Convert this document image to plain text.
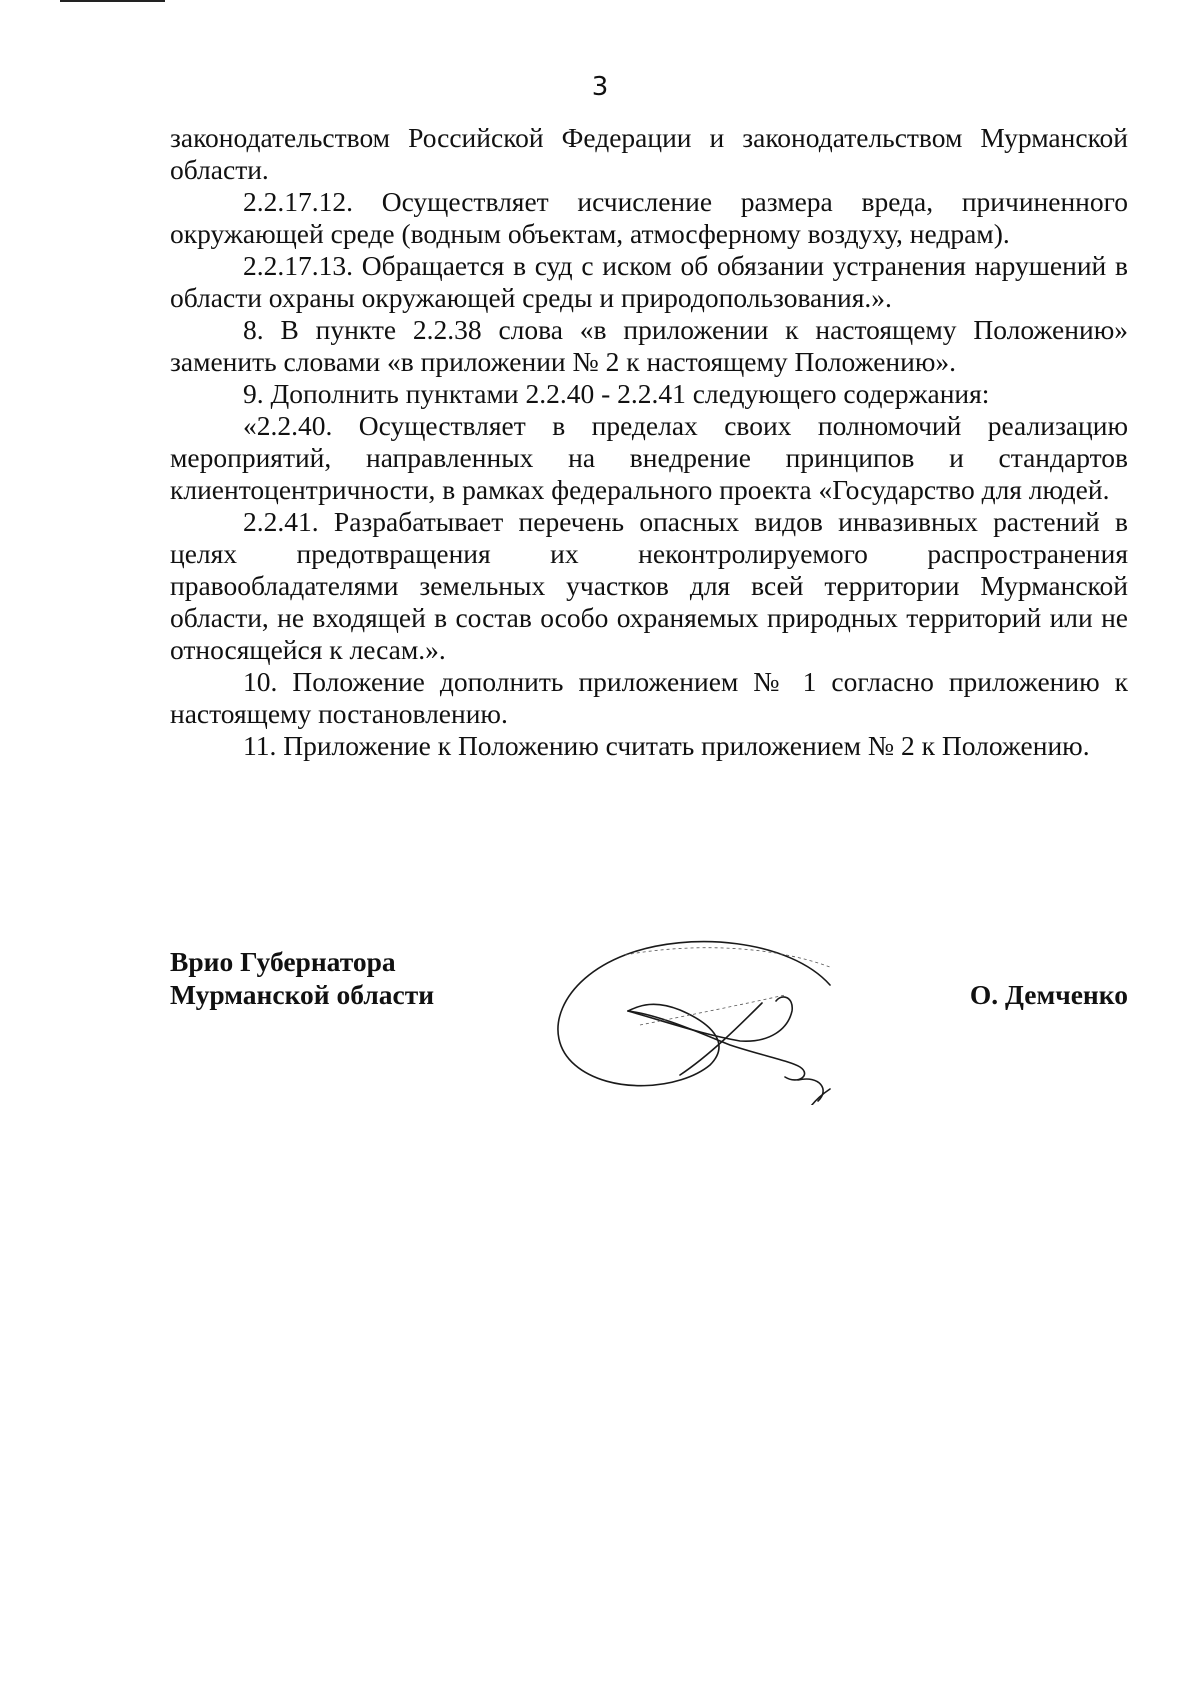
3

законодательством Российской Федерации и законодательством Мурманской области.

2.2.17.12. Осуществляет исчисление размера вреда, причиненного окружающей среде (водным объектам, атмосферному воздуху, недрам).

2.2.17.13. Обращается в суд с иском об обязании устранения нарушений в области охраны окружающей среды и природопользования.».

8. В пункте 2.2.38 слова «в приложении к настоящему Положению» заменить словами «в приложении № 2 к настоящему Положению».

9. Дополнить пунктами 2.2.40 - 2.2.41 следующего содержания:

«2.2.40. Осуществляет в пределах своих полномочий реализацию мероприятий, направленных на внедрение принципов и стандартов клиентоцентричности, в рамках федерального проекта «Государство для людей.

2.2.41. Разрабатывает перечень опасных видов инвазивных растений в целях предотвращения их неконтролируемого распространения правообладателями земельных участков для всей территории Мурманской области, не входящей в состав особо охраняемых природных территорий или не относящейся к лесам.».

10. Положение дополнить приложением № 1 согласно приложению к настоящему постановлению.

11. Приложение к Положению считать приложением № 2 к Положению.

Врио Губернатора
Мурманской области	О. Демченко
